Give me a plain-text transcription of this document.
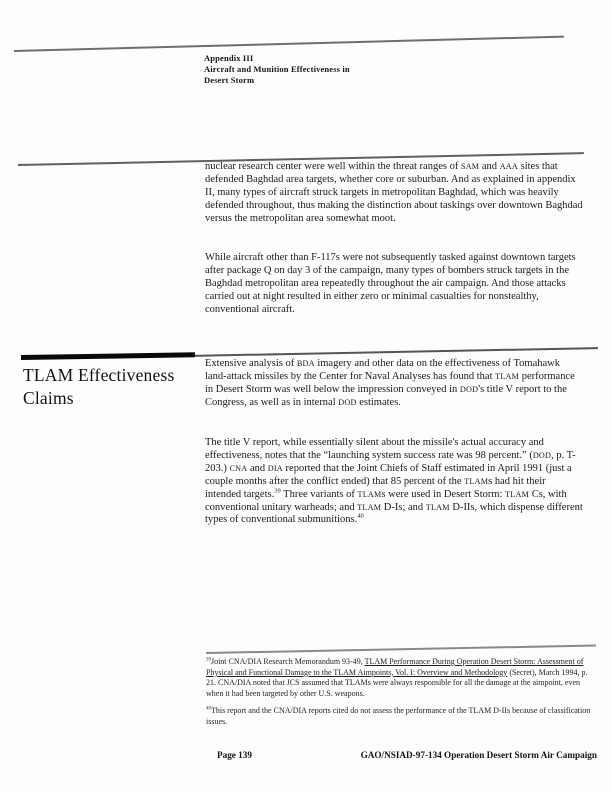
Appendix III
Aircraft and Munition Effectiveness in
Desert Storm

nuclear research center were well within the threat ranges of SAM and AAA sites that defended Baghdad area targets, whether core or suburban. And as explained in appendix II, many types of aircraft struck targets in metropolitan Baghdad, which was heavily defended throughout, thus making the distinction about taskings over downtown Baghdad versus the metropolitan area somewhat moot.

While aircraft other than F-117s were not subsequently tasked against downtown targets after package Q on day 3 of the campaign, many types of bombers struck targets in the Baghdad metropolitan area repeatedly throughout the air campaign. And those attacks carried out at night resulted in either zero or minimal casualties for nonstealthy, conventional aircraft.

TLAM Effectiveness
Claims

Extensive analysis of BDA imagery and other data on the effectiveness of Tomahawk land-attack missiles by the Center for Naval Analyses has found that TLAM performance in Desert Storm was well below the impression conveyed in DOD's title V report to the Congress, as well as in internal DOD estimates.

The title V report, while essentially silent about the missile's actual accuracy and effectiveness, notes that the “launching system success rate was 98 percent.” (DOD, p. T-203.) CNA and DIA reported that the Joint Chiefs of Staff estimated in April 1991 (just a couple months after the conflict ended) that 85 percent of the TLAMs had hit their intended targets.$^{39}$ Three variants of TLAMs were used in Desert Storm: TLAM Cs, with conventional unitary warheads; and TLAM D-Is; and TLAM D-IIs, which dispense different types of conventional submunitions.$^{40}$

$^{39}$Joint CNA/DIA Research Memorandum 93-49, TLAM Performance During Operation Desert Storm: Assessment of Physical and Functional Damage to the TLAM Aimpoints, Vol. I: Overview and Methodology (Secret), March 1994, p. 21. CNA/DIA noted that JCS assumed that TLAMs were always responsible for all the damage at the aimpoint, even when it had been targeted by other U.S. weapons.

$^{40}$This report and the CNA/DIA reports cited do not assess the performance of the TLAM D-IIs because of classification issues.

Page 139	GAO/NSIAD-97-134 Operation Desert Storm Air Campaign
